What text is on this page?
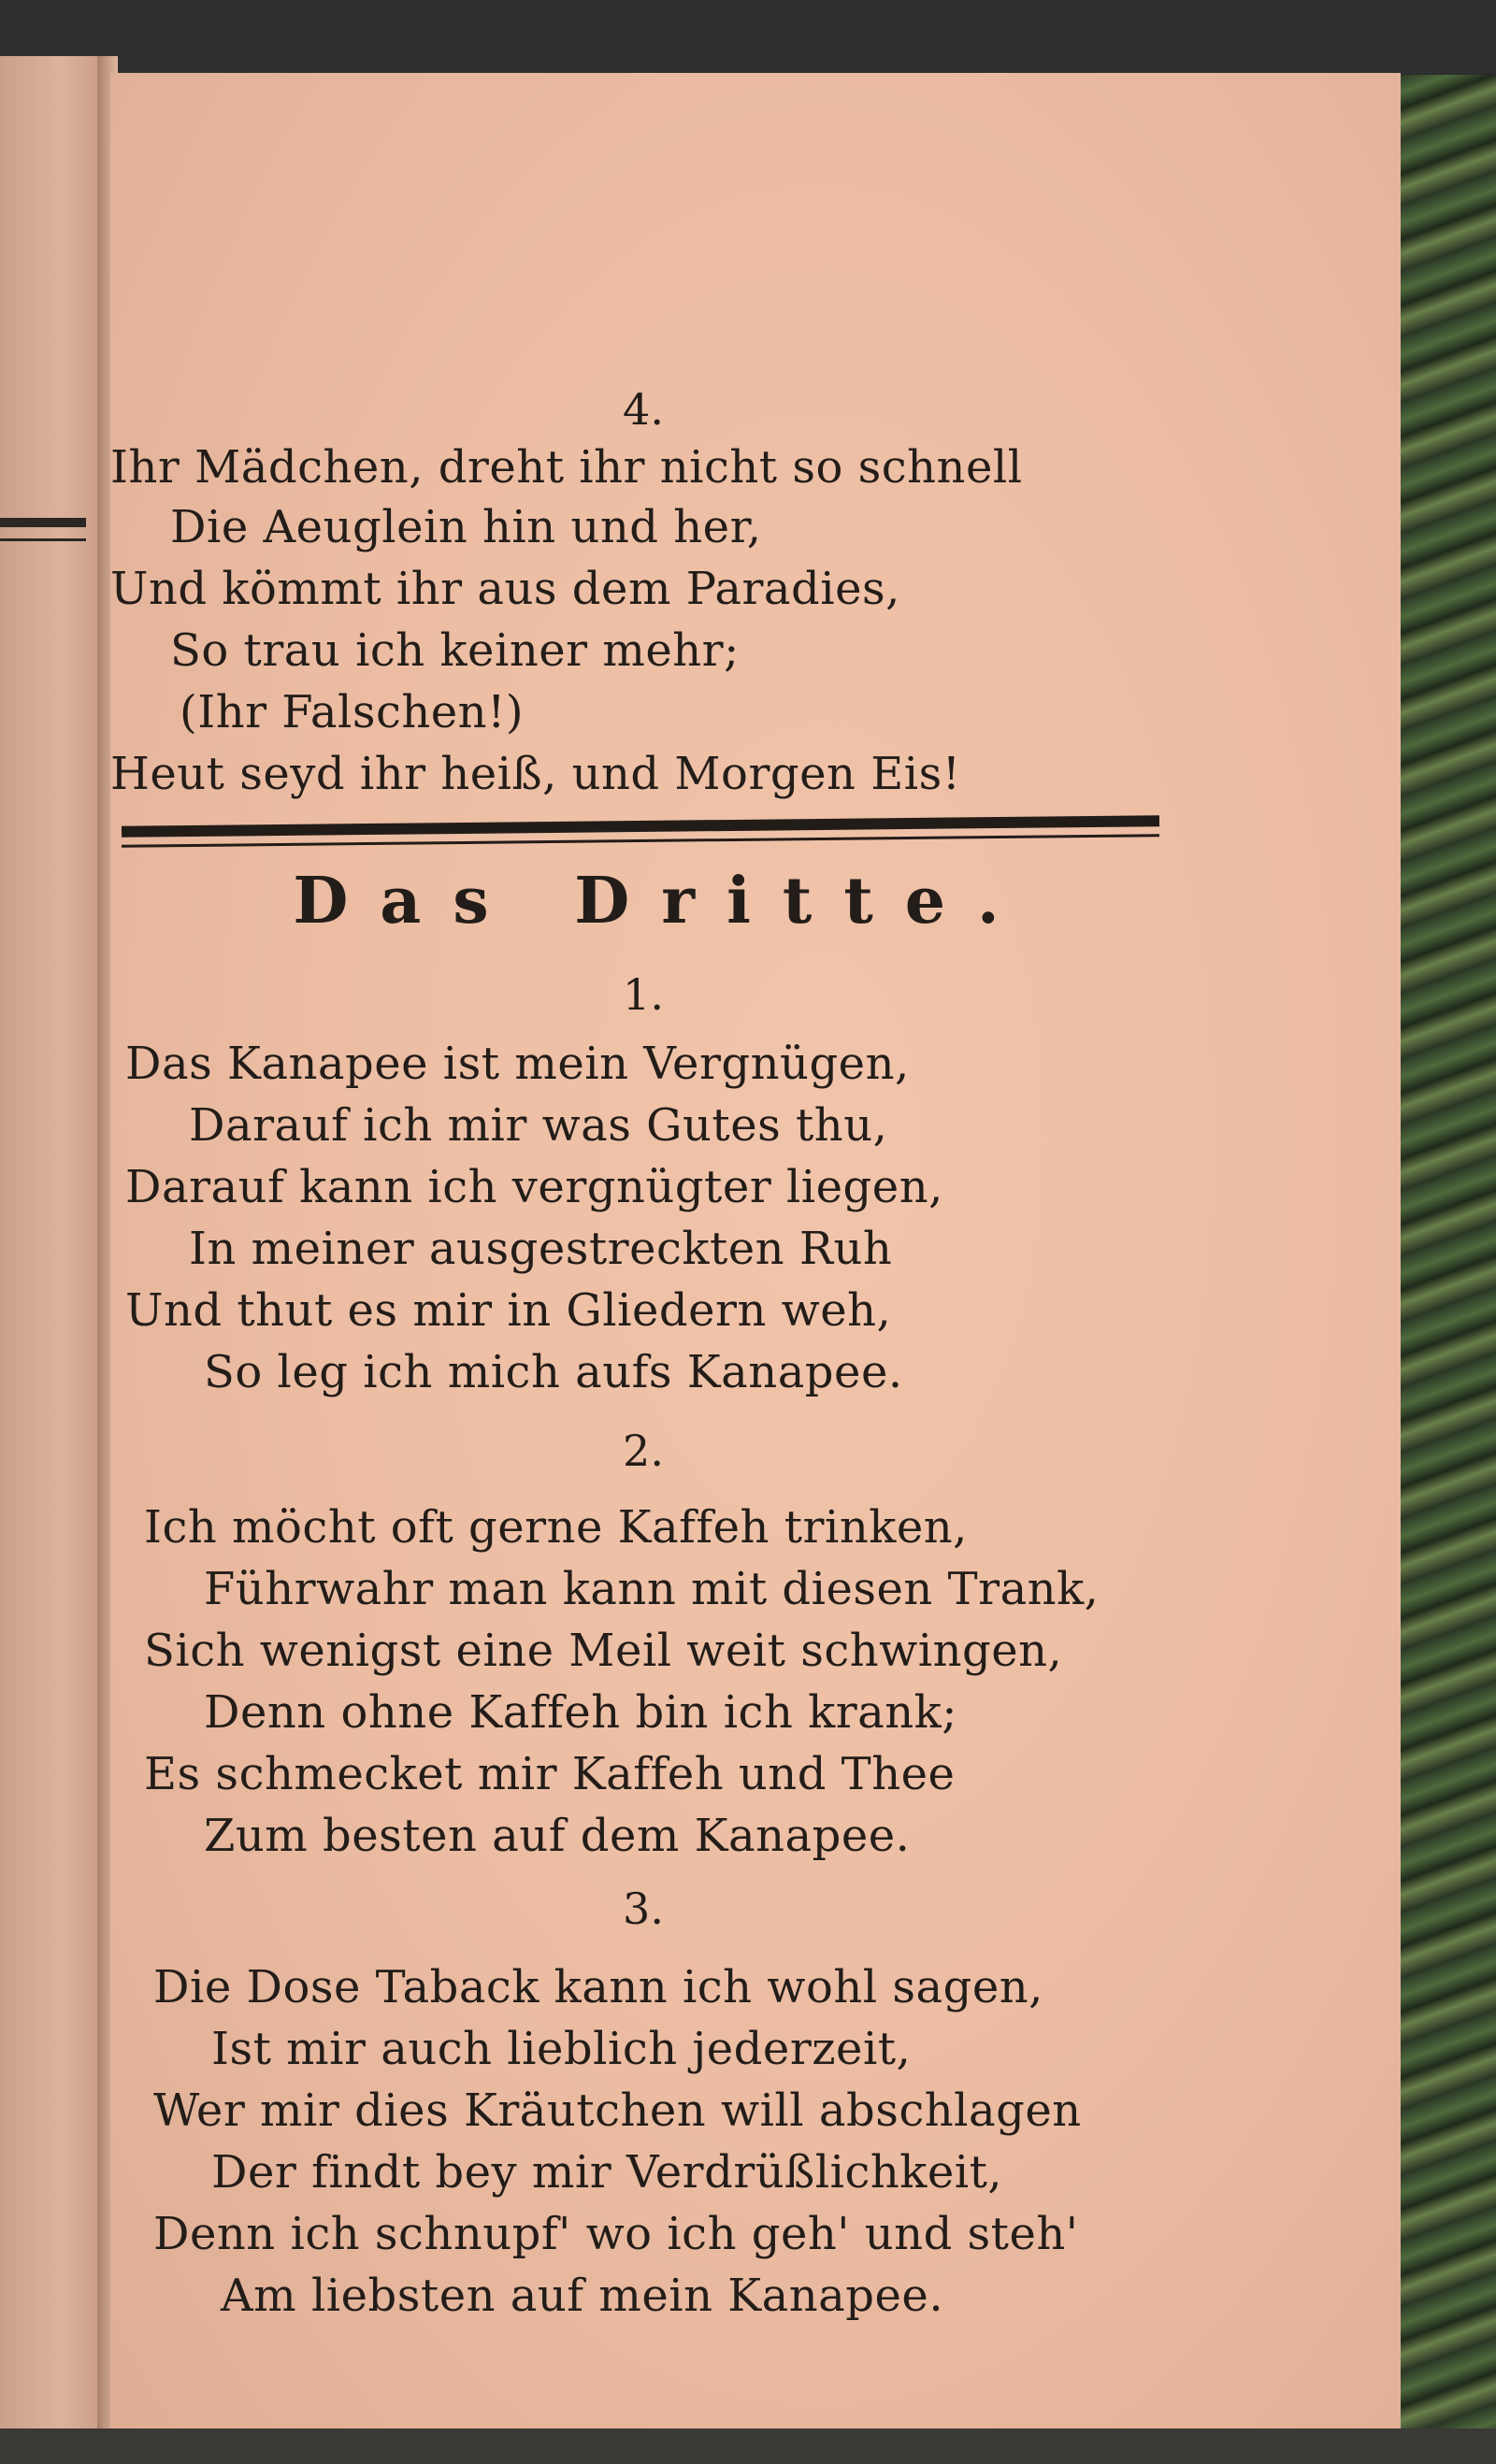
4.
Ihr Mädchen, dreht ihr nicht so schnell
Die Aeuglein hin und her,
Und kömmt ihr aus dem Paradies,
So trau ich keiner mehr;
(Ihr Falschen!)
Heut seyd ihr heiß, und Morgen Eis!
Das Dritte.
1.
Das Kanapee ist mein Vergnügen,
Darauf ich mir was Gutes thu,
Darauf kann ich vergnügter liegen,
In meiner ausgestreckten Ruh
Und thut es mir in Gliedern weh,
So leg ich mich aufs Kanapee.
2.
Ich möcht oft gerne Kaffeh trinken,
Führwahr man kann mit diesen Trank,
Sich wenigst eine Meil weit schwingen,
Denn ohne Kaffeh bin ich krank;
Es schmecket mir Kaffeh und Thee
Zum besten auf dem Kanapee.
3.
Die Dose Taback kann ich wohl sagen,
Ist mir auch lieblich jederzeit,
Wer mir dies Kräutchen will abschlagen
Der findt bey mir Verdrüßlichkeit,
Denn ich schnupf' wo ich geh' und steh'
Am liebsten auf mein Kanapee.
